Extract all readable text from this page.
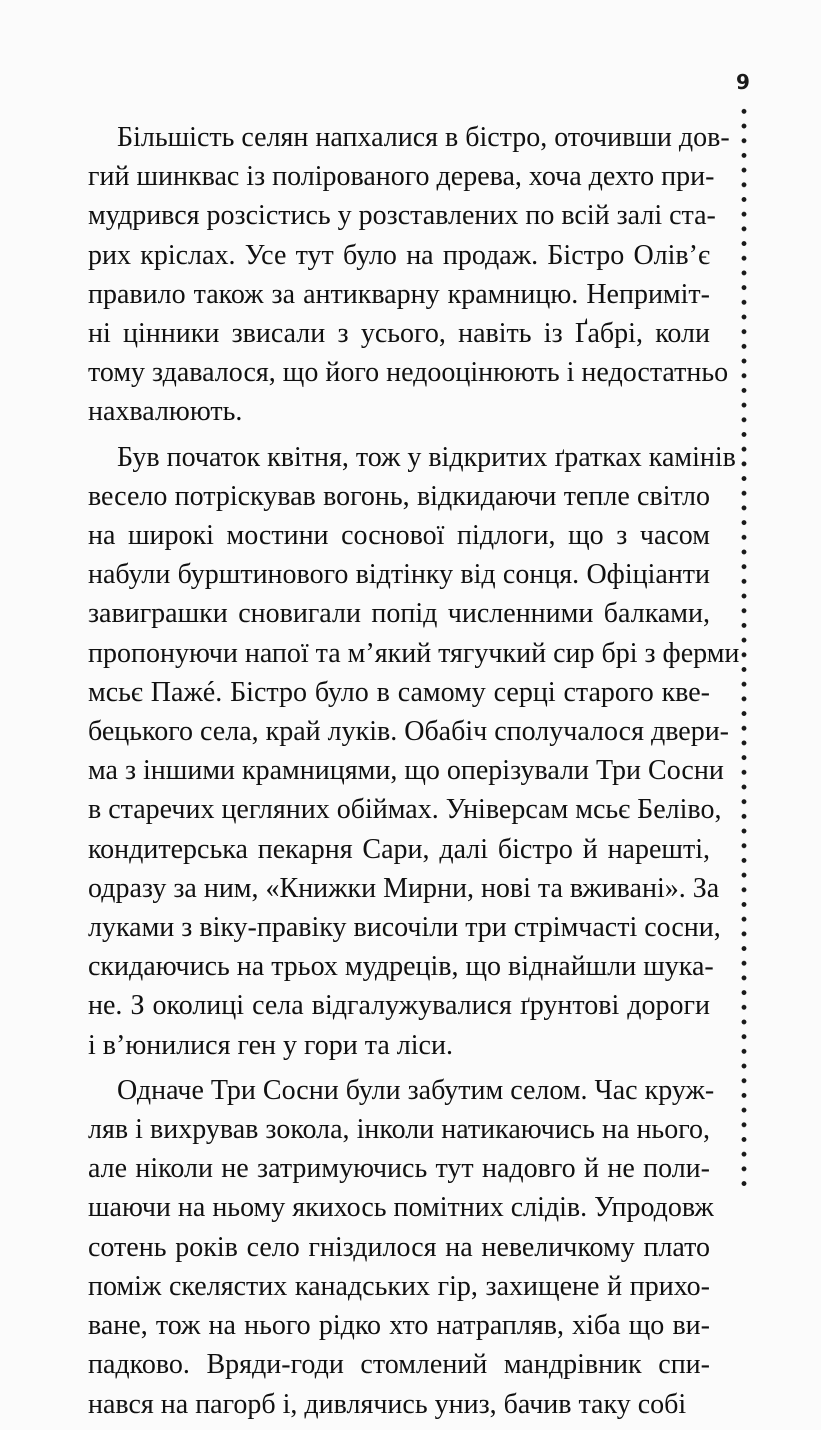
9

Більшість селян напхалися в бістро, оточивши дов-
гий шинквас із полірованого дерева, хоча дехто при-
мудрився розсістись у розставлених по всій залі ста-
рих кріслах. Усе тут було на продаж. Бістро Олів’є
правило також за антикварну крамницю. Неприміт-
ні цінники звисали з усього, навіть із Ґабрі, коли
тому здавалося, що його недооцінюють і недостатньо
нахвалюють.
Був початок квітня, тож у відкритих ґратках камінів
весело потріскував вогонь, відкидаючи тепле світло
на широкі мостини соснової підлоги, що з часом
набули бурштинового відтінку від сонця. Офіціанти
завиграшки сновигали попід численними балками,
пропонуючи напої та м’який тягучкий сир брі з ферми
мсьє Пажé. Бістро було в самому серці старого кве-
бецького села, край луків. Обабіч сполучалося двери-
ма з іншими крамницями, що оперізували Три Сосни
в старечих цегляних обіймах. Універсам мсьє Беліво,
кондитерська пекарня Сари, далі бістро й нарешті,
одразу за ним, «Книжки Мирни, нові та вживані». За
луками з віку-правіку височіли три стрімчасті сосни,
скидаючись на трьох мудреців, що віднайшли шука-
не. З околиці села відгалужувалися ґрунтові дороги
і в’юнилися ген у гори та ліси.
Одначе Три Сосни були забутим селом. Час круж-
ляв і вихрував зокола, інколи натикаючись на нього,
але ніколи не затримуючись тут надовго й не поли-
шаючи на ньому якихось помітних слідів. Упродовж
сотень років село гніздилося на невеличкому плато
поміж скелястих канадських гір, захищене й прихо-
ване, тож на нього рідко хто натрапляв, хіба що ви-
падково. Вряди-годи стомлений мандрівник спи-
нався на пагорб і, дивлячись униз, бачив таку собі
